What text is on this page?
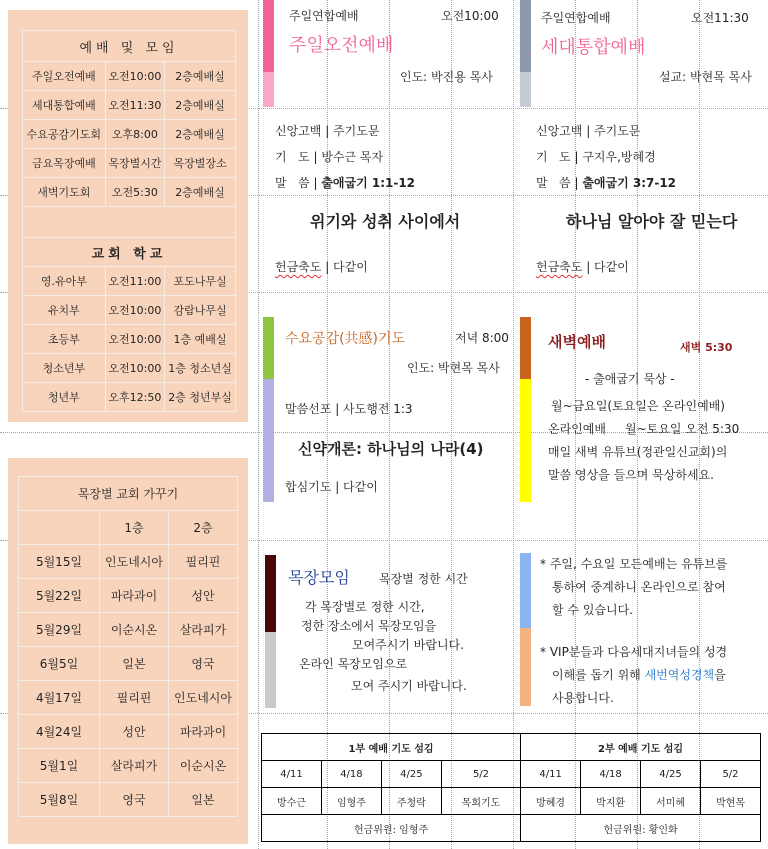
예배 및 모임		
주일오전예배	오전10:00	2층예배실
세대통합예배	오전11:30	2층예배실
수요공감기도회	오후8:00	2층예배실
금요목장예배	목장별시간	목장별장소
새벽기도회	오전5:30	2층예배실

교회 학교		
영.유아부	오전11:00	포도나무실
유치부	오전10:00	감람나무실
초등부	오전10:00	1층 예배실
청소년부	오전10:00	1층 청소년실
청년부	오후12:50	2층 청년부실
목장별 교회 가꾸기		
	1층	2층
5월15일	인도네시아	필리핀
5월22일	파라과이	성안
5월29일	이순시온	살라피가
6월5일	일본	영국
4월17일	필리핀	인도네시아
4월24일	성안	파라과이
5월1일	살라피가	이순시온
5월8일	영국	일본
주일연합예배	오전10:00
주일오전예배
인도: 박진용 목사
신앙고백 | 주기도문
기   도 | 방수근 목자
말   씀 | 출애굽기 1:1-12
위기와 성취 사이에서
헌금축도 | 다같이
주일연합예배	오전11:30
세대통합예배
설교: 박현목 목사
신앙고백 | 주기도문
기   도 | 구지우,방혜경
말   씀 | 출애굽기 3:7-12
하나님 알아야 잘 믿는다
헌금축도 | 다같이
수요공감(共感)기도	저녁 8:00
인도: 박현목 목사
말씀선포 | 사도행전 1:3
신약개론: 하나님의 나라(4)
합심기도 | 다같이
새벽예배	새벽 5:30
- 출애굽기 묵상 -
월~금요일(토요일은 온라인예배)
온라인예배     월~토요일 오전 5:30
매일 새벽 유튜브(정관일신교회)의
말씀 영상을 들으며 묵상하세요.
목장모임 목장별 정한 시간
각 목장별로 정한 시간,
정한 장소에서 목장모임을
모여주시기 바랍니다.
온라인 목장모임으로
모여 주시기 바랍니다.
* 주일, 수요일 모든예배는 유튜브를
통하여 중계하니 온라인으로 참여
할 수 있습니다.
* VIP분들과 다음세대지녀들의 성경
이해를 돕기 위해 새번역성경책을
사용합니다.
1부 예배 기도 섬김				2부 예배 기도 섬김			
4/11	4/18	4/25	5/2	4/11	4/18	4/25	5/2
방수근	임형주	주청락	목회기도	방혜경	박지환	서미혜	박현목
헌금위원: 임형주				헌금위원: 황인화			
